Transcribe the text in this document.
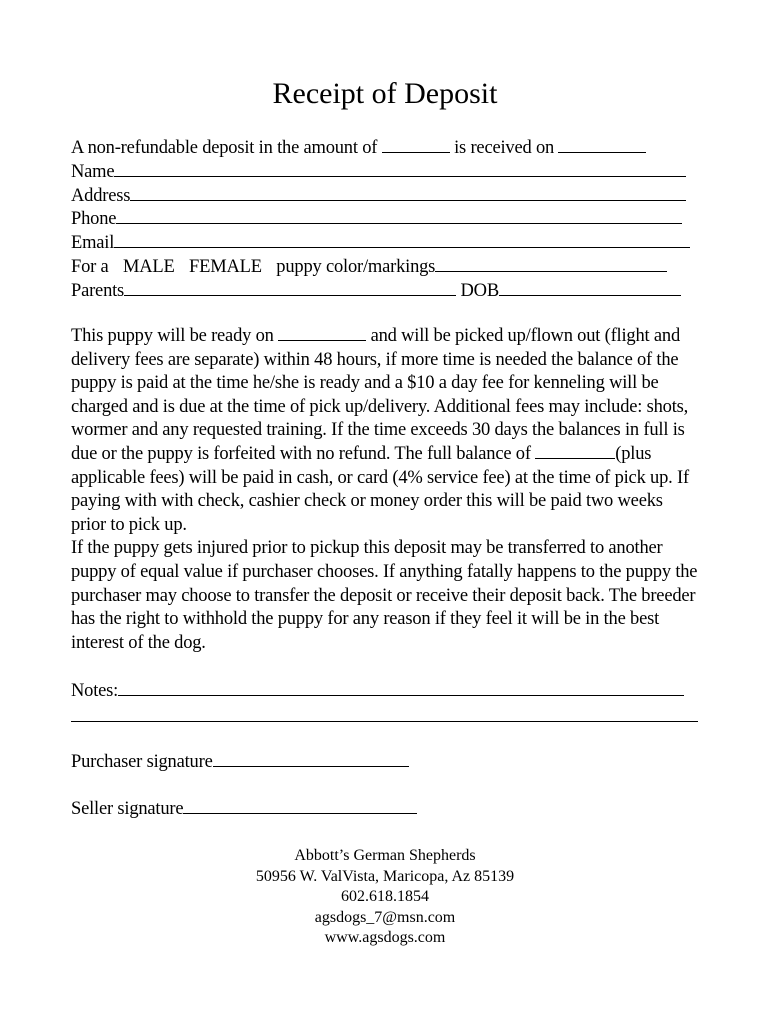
Receipt of Deposit
A non-refundable deposit in the amount of	is received on
Name
Address
Phone
Email
For a MALE FEMALE puppy color/markings
Parents	DOB

This puppy will be ready on	and will be picked up/flown out (flight and delivery fees are separate) within 48 hours, if more time is needed the balance of the puppy is paid at the time he/she is ready and a $10 a day fee for kenneling will be charged and is due at the time of pick up/delivery. Additional fees may include: shots, wormer and any requested training. If the time exceeds 30 days the balances in full is due or the puppy is forfeited with no refund. The full balance of	(plus applicable fees) will be paid in cash, or card (4% service fee) at the time of pick up. If paying with with check, cashier check or money order this will be paid two weeks prior to pick up.

If the puppy gets injured prior to pickup this deposit may be transferred to another puppy of equal value if purchaser chooses. If anything fatally happens to the puppy the purchaser may choose to transfer the deposit or receive their deposit back. The breeder has the right to withhold the puppy for any reason if they feel it will be in the best interest of the dog.

Notes:
Purchaser signature
Seller signature
Abbott’s German Shepherds
50956 W. ValVista, Maricopa, Az 85139
602.618.1854
agsdogs_7@msn.com
www.agsdogs.com
